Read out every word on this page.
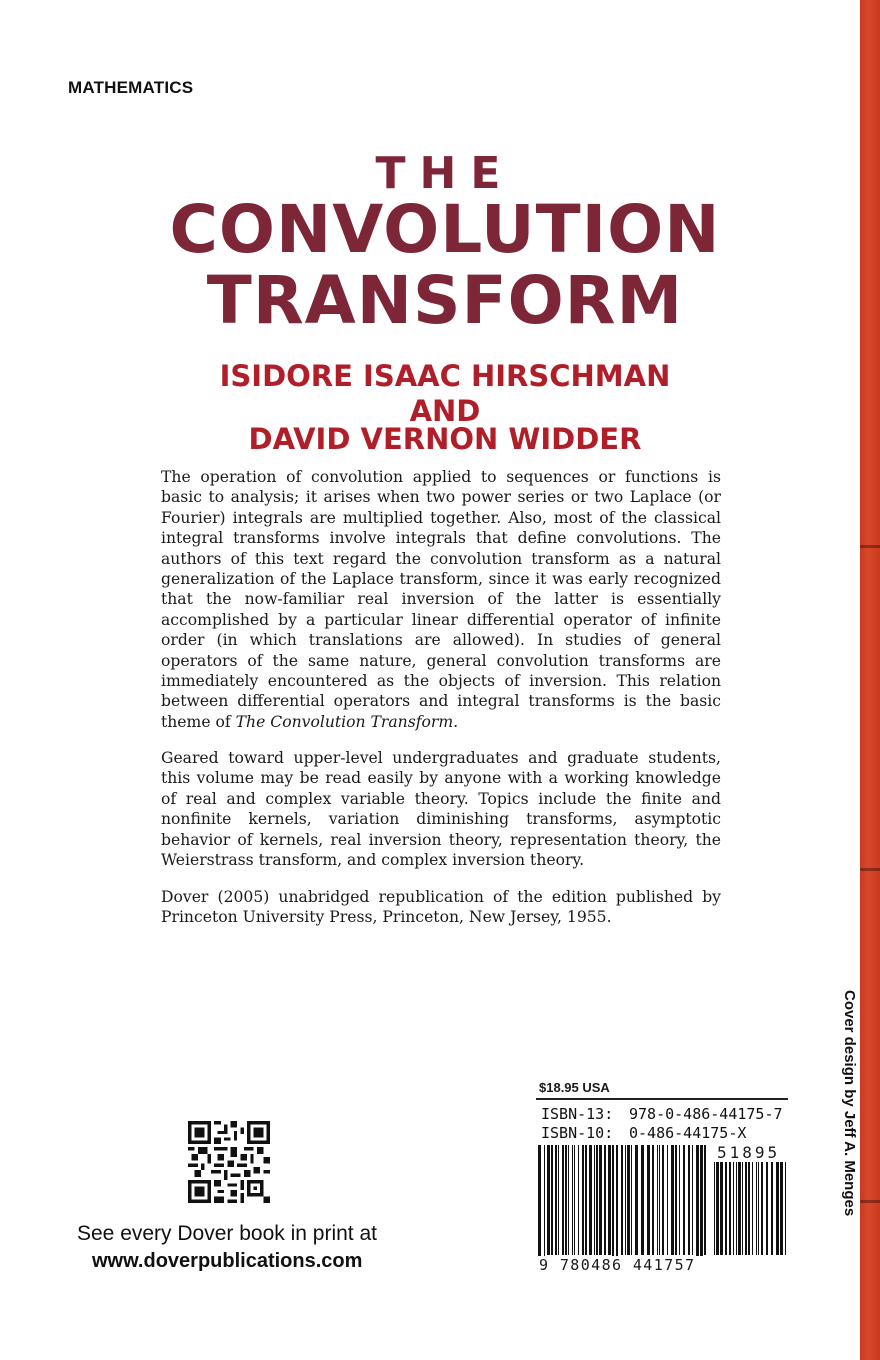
MATHEMATICS
THE
CONVOLUTION
TRANSFORM
ISIDORE ISAAC HIRSCHMAN
AND
DAVID VERNON WIDDER

The operation of convolution applied to sequences or functions is basic to analysis; it arises when two power series or two Laplace (or Fourier) integrals are multiplied together. Also, most of the classical integral transforms involve integrals that define convolutions. The authors of this text regard the convolution transform as a natural generalization of the Laplace transform, since it was early recognized that the now-familiar real inversion of the latter is essentially accomplished by a particular linear differential operator of infinite order (in which translations are allowed). In studies of general operators of the same nature, general convolution transforms are immediately encountered as the objects of inversion. This relation between differential operators and integral transforms is the basic theme of The Convolution Transform.

Geared toward upper-level undergraduates and graduate students, this volume may be read easily by anyone with a working knowledge of real and complex variable theory. Topics include the finite and nonfinite kernels, variation diminishing transforms, asymptotic behavior of kernels, real inversion theory, representation theory, the Weierstrass transform, and complex inversion theory.

Dover (2005) unabridged republication of the edition published by Princeton University Press, Princeton, New Jersey, 1955.

See every Dover book in print at
www.doverpublications.com
$18.95 USA
ISBN-13: 978-0-486-44175-7
ISBN-10: 0-486-44175-X
51895
9 780486 441757
Cover design by Jeff A. Menges
